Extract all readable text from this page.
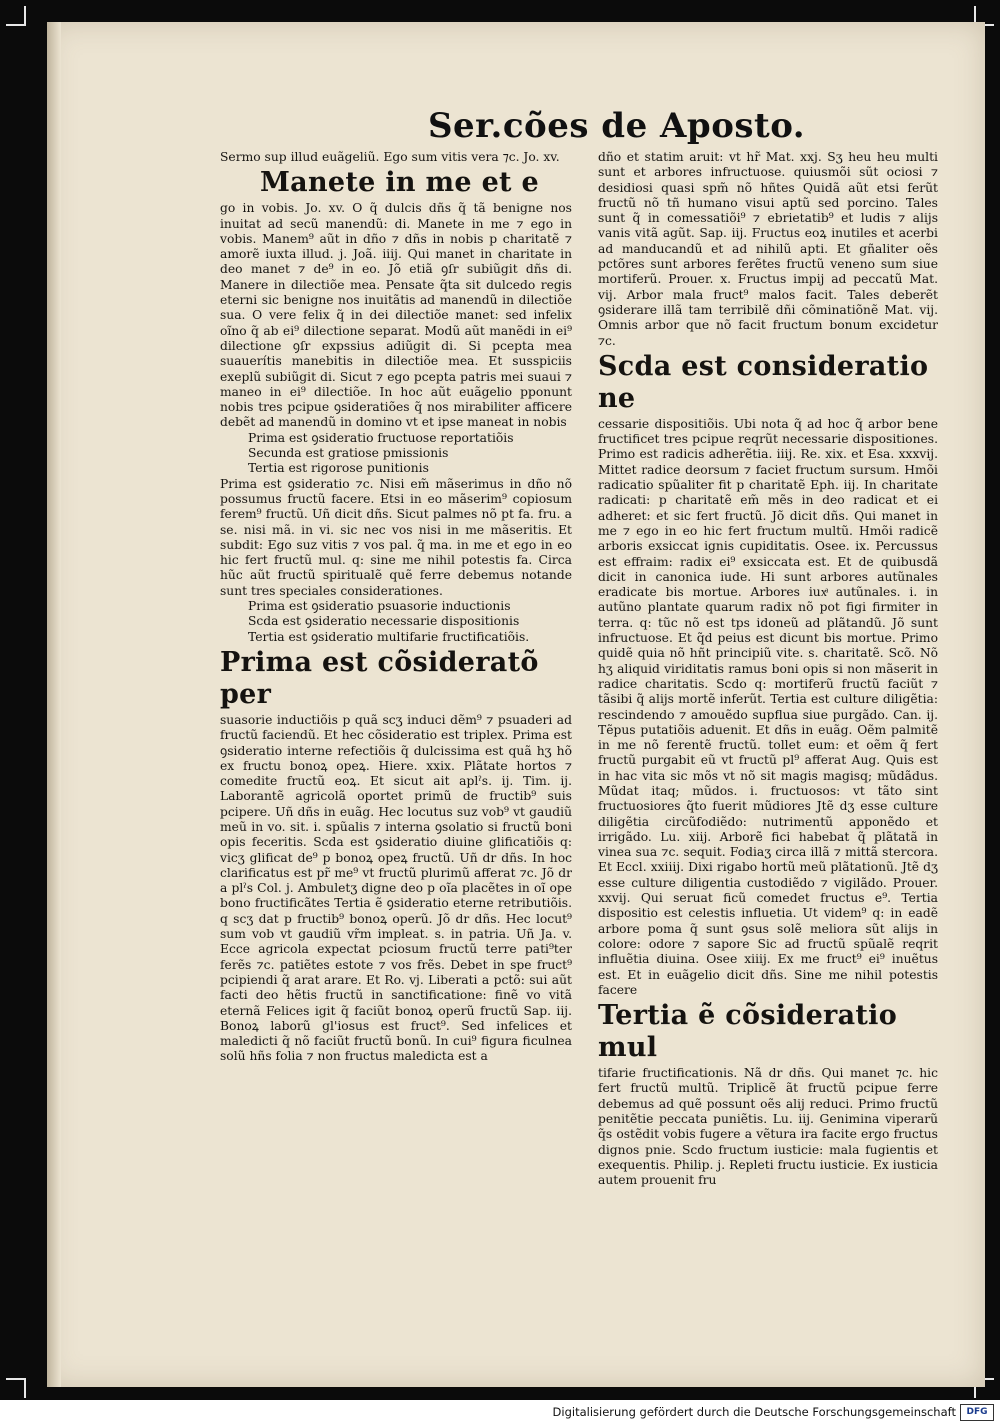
Ser.cões de Aposto.

Sermo sup illud euãgeliũ. Ego sum vitis vera ⁊c. Jo. xv.

Manete in me et e

go in vobis. Jo. xv. O q̃ dulcis dñs q̃ tã benigne nos inuitat ad secũ manendũ: di. Manete in me ⁊ ego in vobis. Manem⁹ aũt in dño ⁊ dñs in nobis p charitatẽ ⁊ amorẽ iuxta illud. j. Joã. iiij. Qui manet in charitate in deo manet ⁊ de⁹ in eo. Jõ etiã ꝯſr subiũgit dñs di. Manere in dilectiõe mea. Pensate q̃ta sit dulcedo regis eterni sic benigne nos inuitãtis ad manendũ in dilectiõe sua. O vere felix q̃ in dei dilectiõe manet: sed infelix oĩno q̃ ab ei⁹ dilectione separat. Modũ aũt manẽdi in ei⁹ dilectione ꝯſr expssius adiũgit di. Si pcepta mea suauerítis manebitis in dilectiõe mea. Et susspiciis exeplũ subiũgit di. Sicut ⁊ ego pcepta patris mei suaui ⁊ maneo in ei⁹ dilectiõe. In hoc aũt euãgelio pponunt nobis tres pcipue ꝯsideratiões q̃ nos mirabiliter afficere debẽt ad manendũ in domino vt et ipse maneat in nobis

Prima est ꝯsideratio fructuose reportatiõis

Secunda est gratiose pmissionis

Tertia est rigorose punitionis

Prima est ꝯsideratio ⁊c. Nisi em̃ mãserimus in dño nõ possumus fructũ facere. Etsi in eo mãserim⁹ copiosum ferem⁹ fructũ. Uñ dicit dñs. Sicut palmes nõ pt fa. fru. a se. nisi mã. in vi. sic nec vos nisi in me mãseritis. Et subdit: Ego suz vitis ⁊ vos pal. q̃ ma. in me et ego in eo hic fert fructũ mul. q: sine me nihil potestis fa. Circa hũc aũt fructũ spiritualẽ quẽ ferre debemus notande sunt tres speciales considerationes.

Prima est ꝯsideratio psuasorie inductionis

Scda est ꝯsideratio necessarie dispositionis

Tertia est ꝯsideratio multifarie fructificatiõis.

Prima est cõsideratõ per

suasorie inductiõis p quã scʒ induci dẽm⁹ ⁊ psuaderi ad fructũ faciendũ. Et hec cõsideratio est triplex. Prima est ꝯsideratio interne refectiõis q̃ dulcissima est quã hʒ hõ ex fructu bonoꝝ opeꝝ. Hiere. xxix. Plãtate hortos ⁊ comedite fructũ eoꝝ. Et sicut ait aplˀs. ij. Tim. ij. Laborantẽ agricolã oportet primũ de fructib⁹ suis pcipere. Uñ dñs in euãg. Hec locutus suz vob⁹ vt gaudiũ meũ in vo. sit. i. spũalis ⁊ interna ꝯsolatio si fructũ boni opis feceritis. Scda est ꝯsideratio diuine glificatiõis q: vicʒ glificat de⁹ p bonoꝝ opeꝝ fructũ. Uñ dr dñs. In hoc clarificatus est pr̃ me⁹ vt fructũ plurimũ afferat ⁊c. Jõ dr a plˀs Col. j. Ambuletʒ digne deo p oĩa placẽtes in oĩ ope bono fructificãtes Tertia ẽ ꝯsideratio eterne retributiõis. q scʒ dat p fructib⁹ bonoꝝ operũ. Jõ dr dñs. Hec locut⁹ sum vob vt gaudiũ vr̃m impleat. s. in patria. Uñ Ja. v. Ecce agricola expectat pciosum fructũ terre pati⁹ter ferẽs ⁊c. patiẽtes estote ⁊ vos frẽs. Debet in spe fruct⁹ pcipiendi q̃ arat arare. Et Ro. vj. Liberati a pctõ: sui aũt facti deo hẽtis fructũ in sanctificatione: finẽ vo vitã eternã Felices igit q̃ faciũt bonoꝝ operũ fructũ Sap. iij. Bonoꝝ laborũ gl'iosus est fruct⁹. Sed infelices et maledicti q̃ nõ faciũt fructũ bonũ. In cui⁹ figura ficulnea solũ hñs folia ⁊ non fructus maledicta est a

dño et statim aruit: vt hr̃ Mat. xxj. Sʒ heu heu multi sunt et arbores infructuose. quiusmõi sũt ociosi ⁊ desidiosi quasi spm̃ nõ hñtes Quidã aũt etsi ferũt fructũ nõ tñ humano visui aptũ sed porcino. Tales sunt q̃ in comessatiõi⁹ ⁊ ebrietatib⁹ et ludis ⁊ alijs vanis vitã agũt. Sap. iij. Fructus eoꝝ inutiles et acerbi ad manducandũ et ad nihilũ apti. Et gñaliter oẽs pctõres sunt arbores ferẽtes fructũ veneno sum siue mortiferũ. Prouer. x. Fructus impij ad peccatũ Mat. vij. Arbor mala fruct⁹ malos facit. Tales deberẽt ꝯsiderare illã tam terribilẽ dñi cõminatiõnẽ Mat. vij. Omnis arbor que nõ facit fructum bonum excidetur ⁊c.

Scda est consideratio ne

cessarie dispositiõis. Ubi nota q̃ ad hoc q̃ arbor bene fructificet tres pcipue reqrũt necessarie dispositiones. Primo est radicis adherẽtia. iiij. Re. xix. et Esa. xxxvij. Mittet radice deorsum ⁊ faciet fructum sursum. Hmõi radicatio spũaliter fit p charitatẽ Eph. iij. In charitate radicati: p charitatẽ em̃ mẽs in deo radicat et ei adheret: et sic fert fructũ. Jõ dicit dñs. Qui manet in me ⁊ ego in eo hic fert fructum multũ. Hmõi radicẽ arboris exsiccat ignis cupiditatis. Osee. ix. Percussus est effraim: radix ei⁹ exsiccata est. Et de quibusdã dicit in canonica iude. Hi sunt arbores autũnales eradicate bis mortue. Arbores iuxͣ autũnales. i. in autũno plantate quarum radix nõ pot figi firmiter in terra. q: tũc nõ est tps idoneũ ad plãtandũ. Jõ sunt infructuose. Et q̃d peius est dicunt bis mortue. Primo quidẽ quia nõ hñt principiũ vite. s. charitatẽ. Scõ. Nõ hʒ aliquid viriditatis ramus boni opis si non mãserit in radice charitatis. Scdo q: mortiferũ fructũ faciũt ⁊ tãsibi q̃ alijs mortẽ inferũt. Tertia est culture diligẽtia: rescindendo ⁊ amouẽdo supflua siue purgãdo. Can. ij. Tẽpus putatiõis aduenit. Et dñs in euãg. Oẽm palmitẽ in me nõ ferentẽ fructũ. tollet eum: et oẽm q̃ fert fructũ purgabit eũ vt fructũ pl⁹ afferat Aug. Quis est in hac vita sic mõs vt nõ sit magis magisq; mũdãdus. Mũdat itaq; mũdos. i. fructuosos: vt tãto sint fructuosiores q̃to fuerit mũdiores Jtẽ dʒ esse culture diligẽtia circũfodiẽdo: nutrimentũ apponẽdo et irrigãdo. Lu. xiij. Arborẽ fici habebat q̃ plãtatã in vinea sua ⁊c. sequit. Fodiaʒ circa illã ⁊ mittã stercora. Et Eccl. xxiiij. Dixi rigabo hortũ meũ plãtationũ. Jtẽ dʒ esse culture diligentia custodiẽdo ⁊ vigilãdo. Prouer. xxvij. Qui seruat ficũ comedet fructus e⁹. Tertia dispositio est celestis influetia. Ut videm⁹ q: in eadẽ arbore poma q̃ sunt ꝯsus solẽ meliora sũt alijs in colore: odore ⁊ sapore Sic ad fructũ spũalẽ reqrit influẽtia diuina. Osee xiiij. Ex me fruct⁹ ei⁹ inuẽtus est. Et in euãgelio dicit dñs. Sine me nihil potestis facere

Tertia ẽ cõsideratio mul

tifarie fructificationis. Nã dr dñs. Qui manet ⁊c. hic fert fructũ multũ. Triplicẽ ãt fructũ pcipue ferre debemus ad quẽ possunt oẽs alij reduci. Primo fructũ penitẽtie peccata puniẽtis. Lu. iij. Genimina viperarũ q̃s ostẽdit vobis fugere a vẽtura ira facite ergo fructus dignos pnie. Scdo fructum iusticie: mala fugientis et exequentis. Philip. j. Repleti fructu iusticie. Ex iusticia autem prouenit fru

Digitalisierung gefördert durch die Deutsche Forschungsgemeinschaft	DFG
